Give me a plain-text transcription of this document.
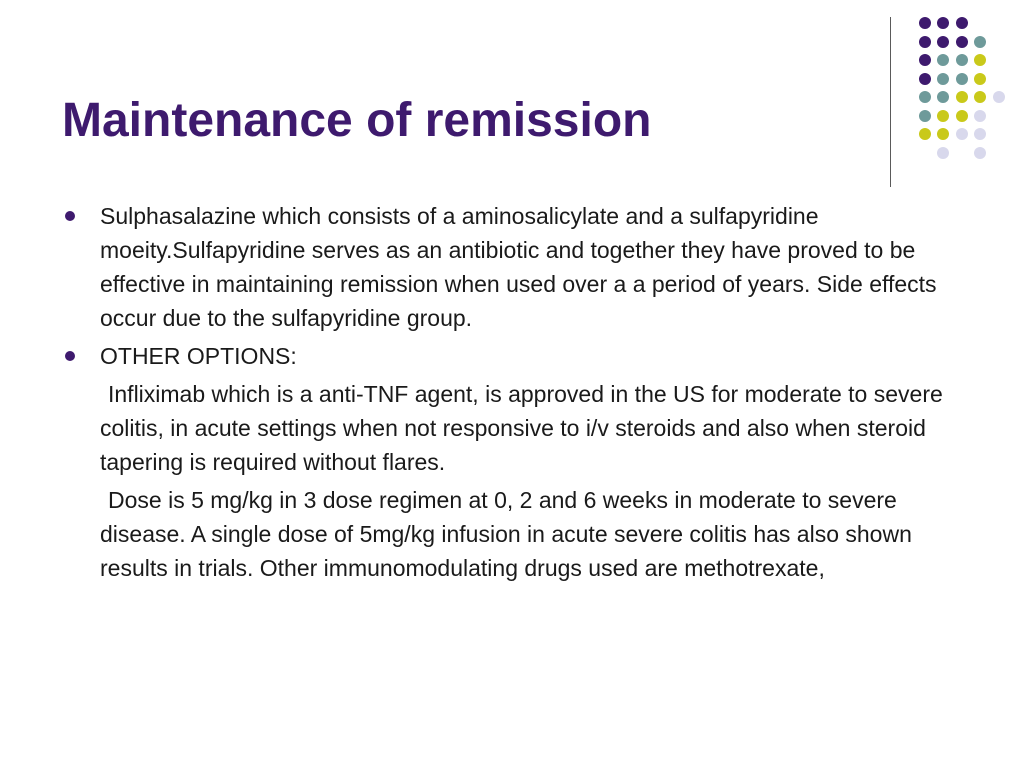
Maintenance of remission
Sulphasalazine which consists of a aminosalicylate and a sulfapyridine moeity.Sulfapyridine serves as an antibiotic and together they have proved to be effective in maintaining remission when used over a a period of years. Side effects occur due to the sulfapyridine group.
OTHER OPTIONS:
Infliximab which is a anti-TNF agent, is approved in the US for moderate to severe colitis, in acute settings when not responsive to i/v steroids and also when steroid tapering is required without flares.
Dose is 5 mg/kg in 3 dose regimen at 0, 2 and 6 weeks in moderate to severe disease. A single dose of 5mg/kg infusion in acute severe colitis has also shown results in trials. Other immunomodulating drugs used are methotrexate,
